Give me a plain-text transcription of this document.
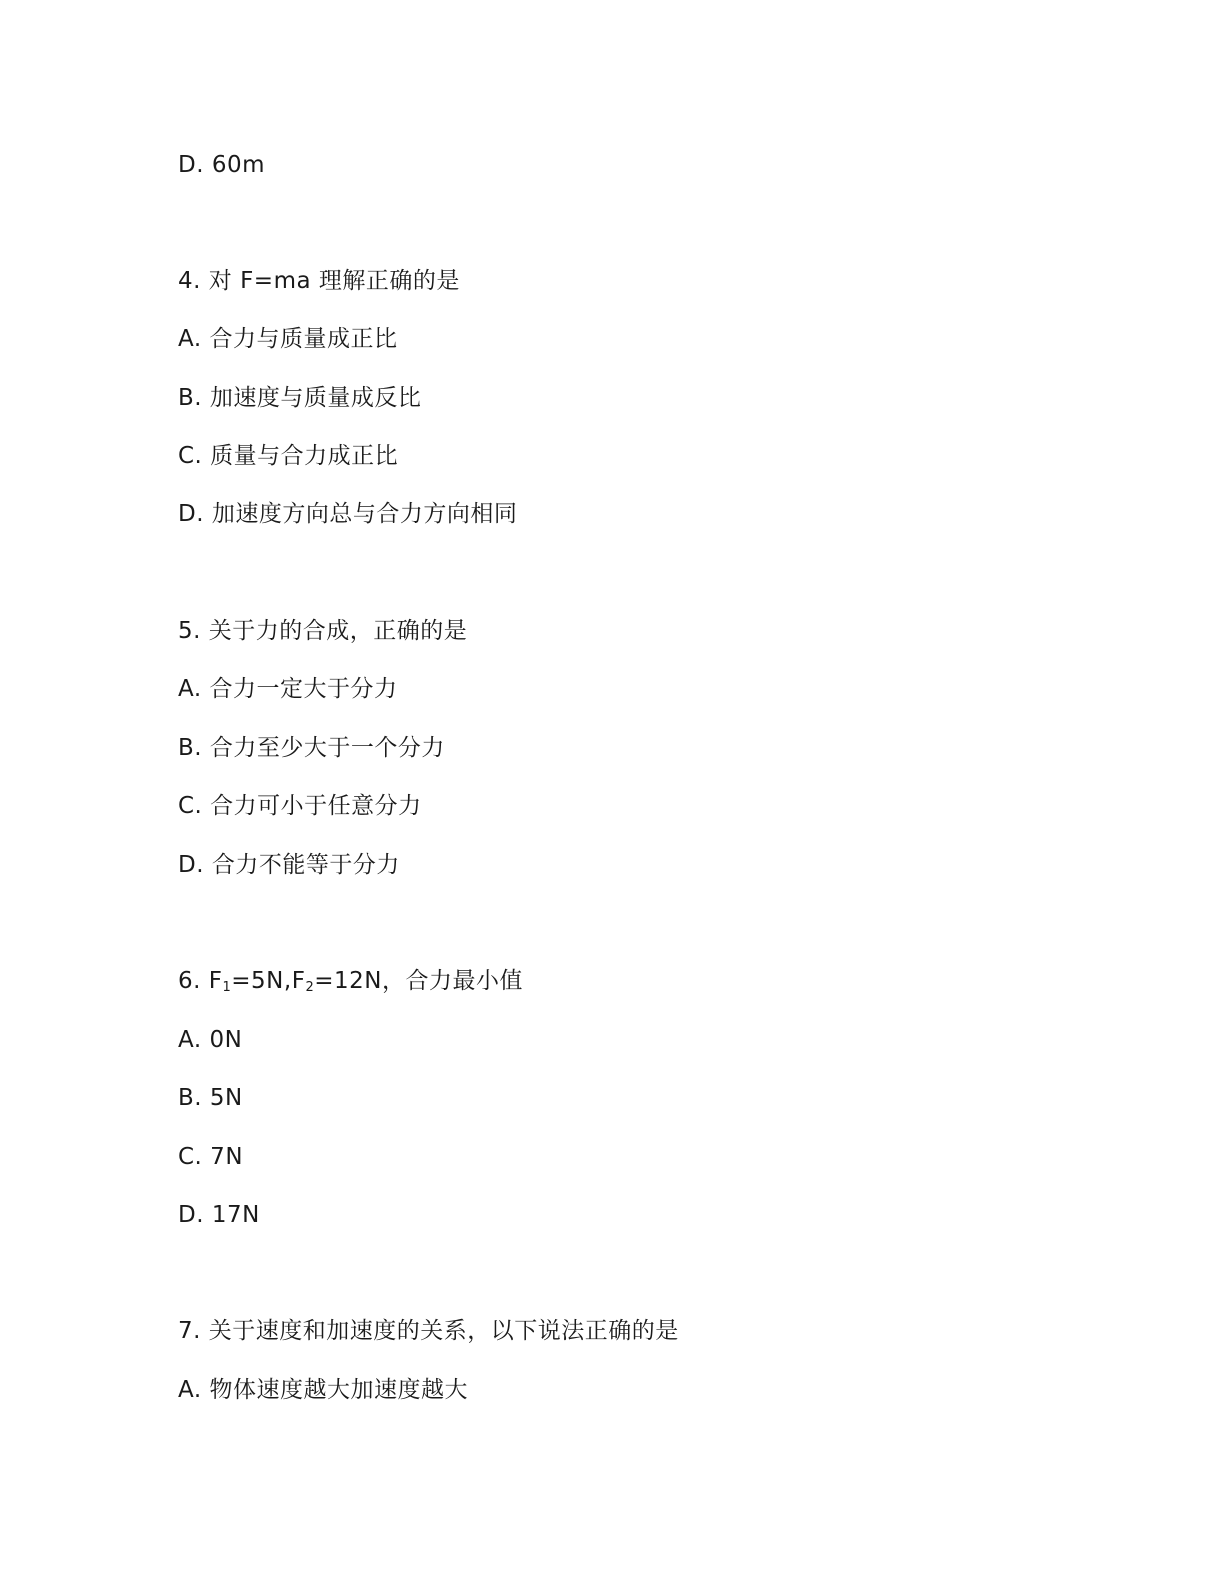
D. 60m
4. 对 F=ma 理解正确的是
A. 合力与质量成正比
B. 加速度与质量成反比
C. 质量与合力成正比
D. 加速度方向总与合力方向相同
5. 关于力的合成，正确的是
A. 合力一定大于分力
B. 合力至少大于一个分力
C. 合力可小于任意分力
D. 合力不能等于分力
6. $F_1=5N,F_2=12N$，合力最小值
A. 0N
B. 5N
C. 7N
D. 17N
7. 关于速度和加速度的关系，以下说法正确的是
A. 物体速度越大加速度越大
